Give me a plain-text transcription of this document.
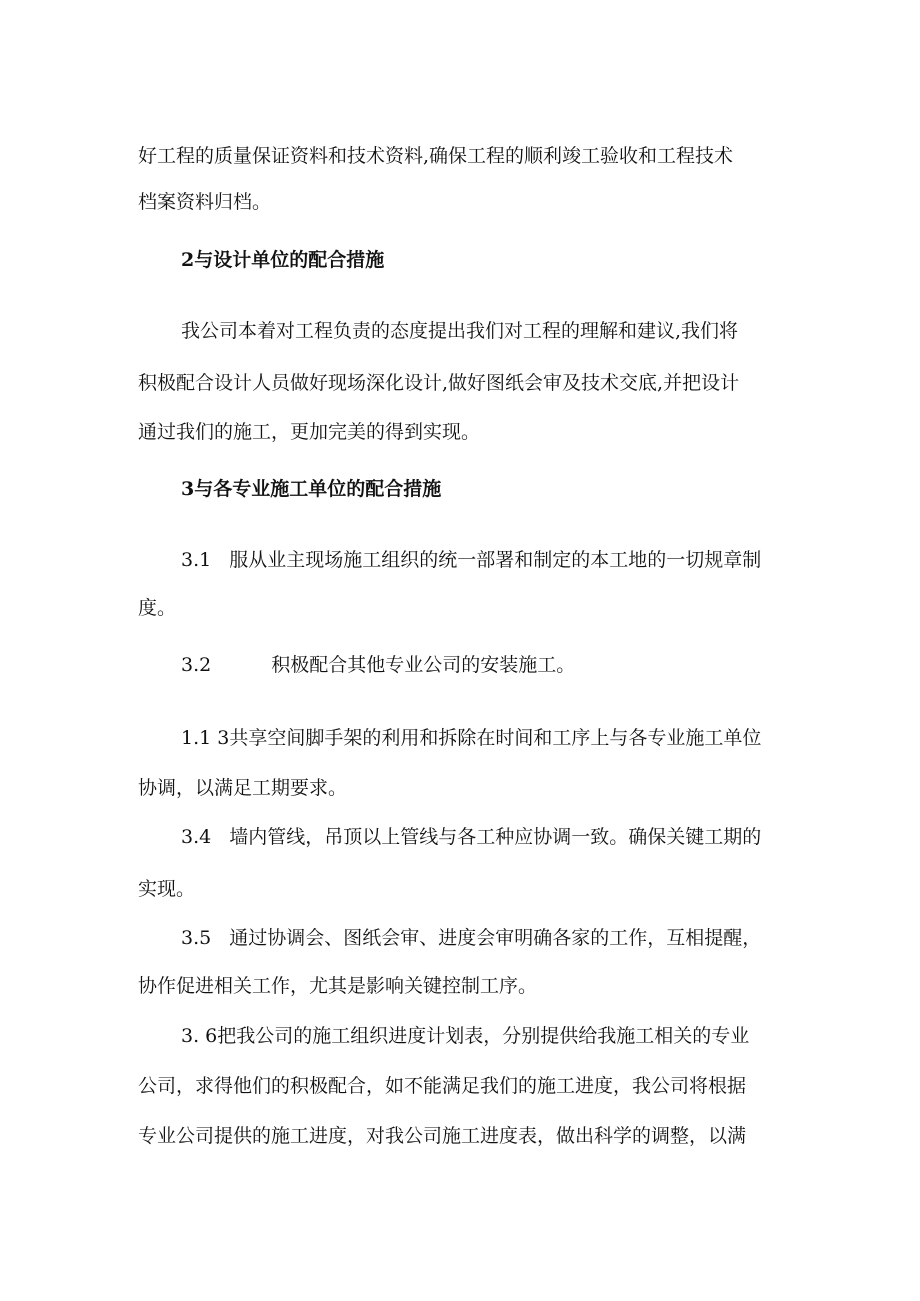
好工程的质量保证资料和技术资料,确保工程的顺利竣工验收和工程技术
档案资料归档。
2与设计单位的配合措施
我公司本着对工程负责的态度提出我们对工程的理解和建议,我们将
积极配合设计人员做好现场深化设计,做好图纸会审及技术交底,并把设计
通过我们的施工，更加完美的得到实现。
3与各专业施工单位的配合措施
3.1 服从业主现场施工组织的统一部署和制定的本工地的一切规章制
度。
3.2	积极配合其他专业公司的安装施工。
1.1 3共享空间脚手架的利用和拆除在时间和工序上与各专业施工单位
协调，以满足工期要求。
3.4 墙内管线，吊顶以上管线与各工种应协调一致。确保关键工期的
实现。
3.5 通过协调会、图纸会审、进度会审明确各家的工作，互相提醒，
协作促进相关工作，尤其是影响关键控制工序。
3. 6把我公司的施工组织进度计划表，分别提供给我施工相关的专业
公司，求得他们的积极配合，如不能满足我们的施工进度，我公司将根据
专业公司提供的施工进度，对我公司施工进度表，做出科学的调整，以满
